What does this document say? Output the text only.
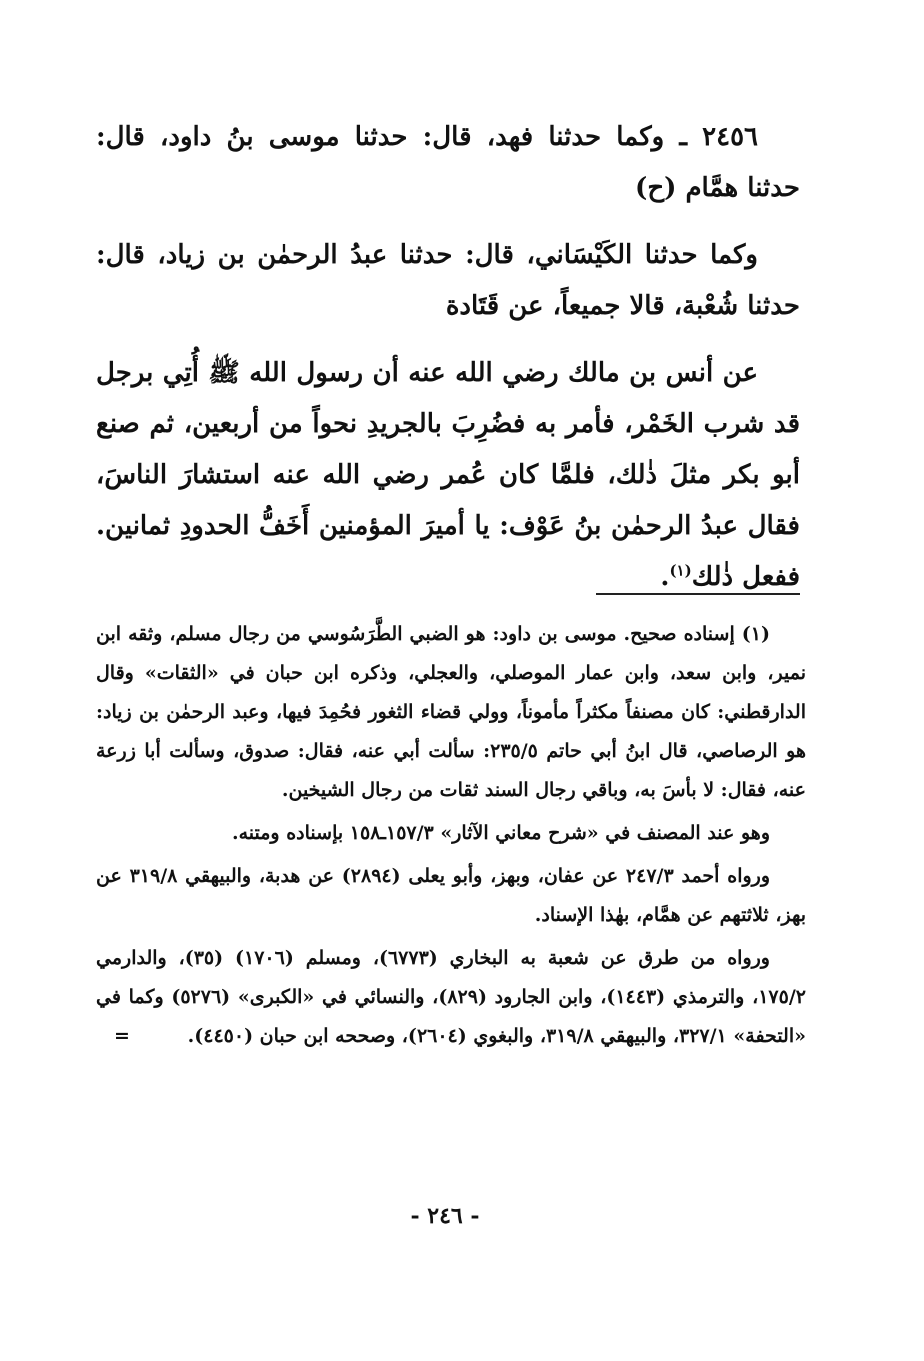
٢٤٥٦ ـ وكما حدثنا فهد، قال: حدثنا موسى بنُ داود، قال: حدثنا همَّام (ح)

وكما حدثنا الكَيْسَاني، قال: حدثنا عبدُ الرحمٰن بن زياد، قال: حدثنا شُعْبة، قالا جميعاً، عن قَتَادة

عن أنس بن مالك رضي الله عنه أن رسول الله ﷺ أُتِي برجل قد شرب الخَمْر، فأمر به فضُرِبَ بالجريدِ نحواً من أربعين، ثم صنع أبو بكر مثلَ ذٰلك، فلمَّا كان عُمر رضي الله عنه استشارَ الناسَ، فقال عبدُ الرحمٰن بنُ عَوْف: يا أميرَ المؤمنين أَخَفُّ الحدودِ ثمانين. ففعل ذٰلك$^{(١)}$.

(١) إسناده صحيح. موسى بن داود: هو الضبي الطَّرَسُوسي من رجال مسلم، وثقه ابن نمير، وابن سعد، وابن عمار الموصلي، والعجلي، وذكره ابن حبان في «الثقات» وقال الدارقطني: كان مصنفاً مكثراً مأموناً، وولي قضاء الثغور فحُمِدَ فيها، وعبد الرحمٰن بن زياد: هو الرصاصي، قال ابنُ أبي حاتم ٢٣٥/٥: سألت أبي عنه، فقال: صدوق، وسألت أبا زرعة عنه، فقال: لا بأسَ به، وباقي رجال السند ثقات من رجال الشيخين.

وهو عند المصنف في «شرح معاني الآثار» ١٥٧/٣ـ١٥٨ بإسناده ومتنه.

ورواه أحمد ٢٤٧/٣ عن عفان، وبهز، وأبو يعلى (٢٨٩٤) عن هدبة، والبيهقي ٣١٩/٨ عن بهز، ثلاثتهم عن همَّام، بهٰذا الإسناد.

ورواه من طرق عن شعبة به البخاري (٦٧٧٣)، ومسلم (١٧٠٦) (٣٥)، والدارمي ١٧٥/٢، والترمذي (١٤٤٣)، وابن الجارود (٨٢٩)، والنسائي في «الكبرى» (٥٢٧٦) وكما في «التحفة» ٣٢٧/١، والبيهقي ٣١٩/٨، والبغوي (٢٦٠٤)، وصححه ابن حبان (٤٤٥٠).
=

- ٢٤٦ -
